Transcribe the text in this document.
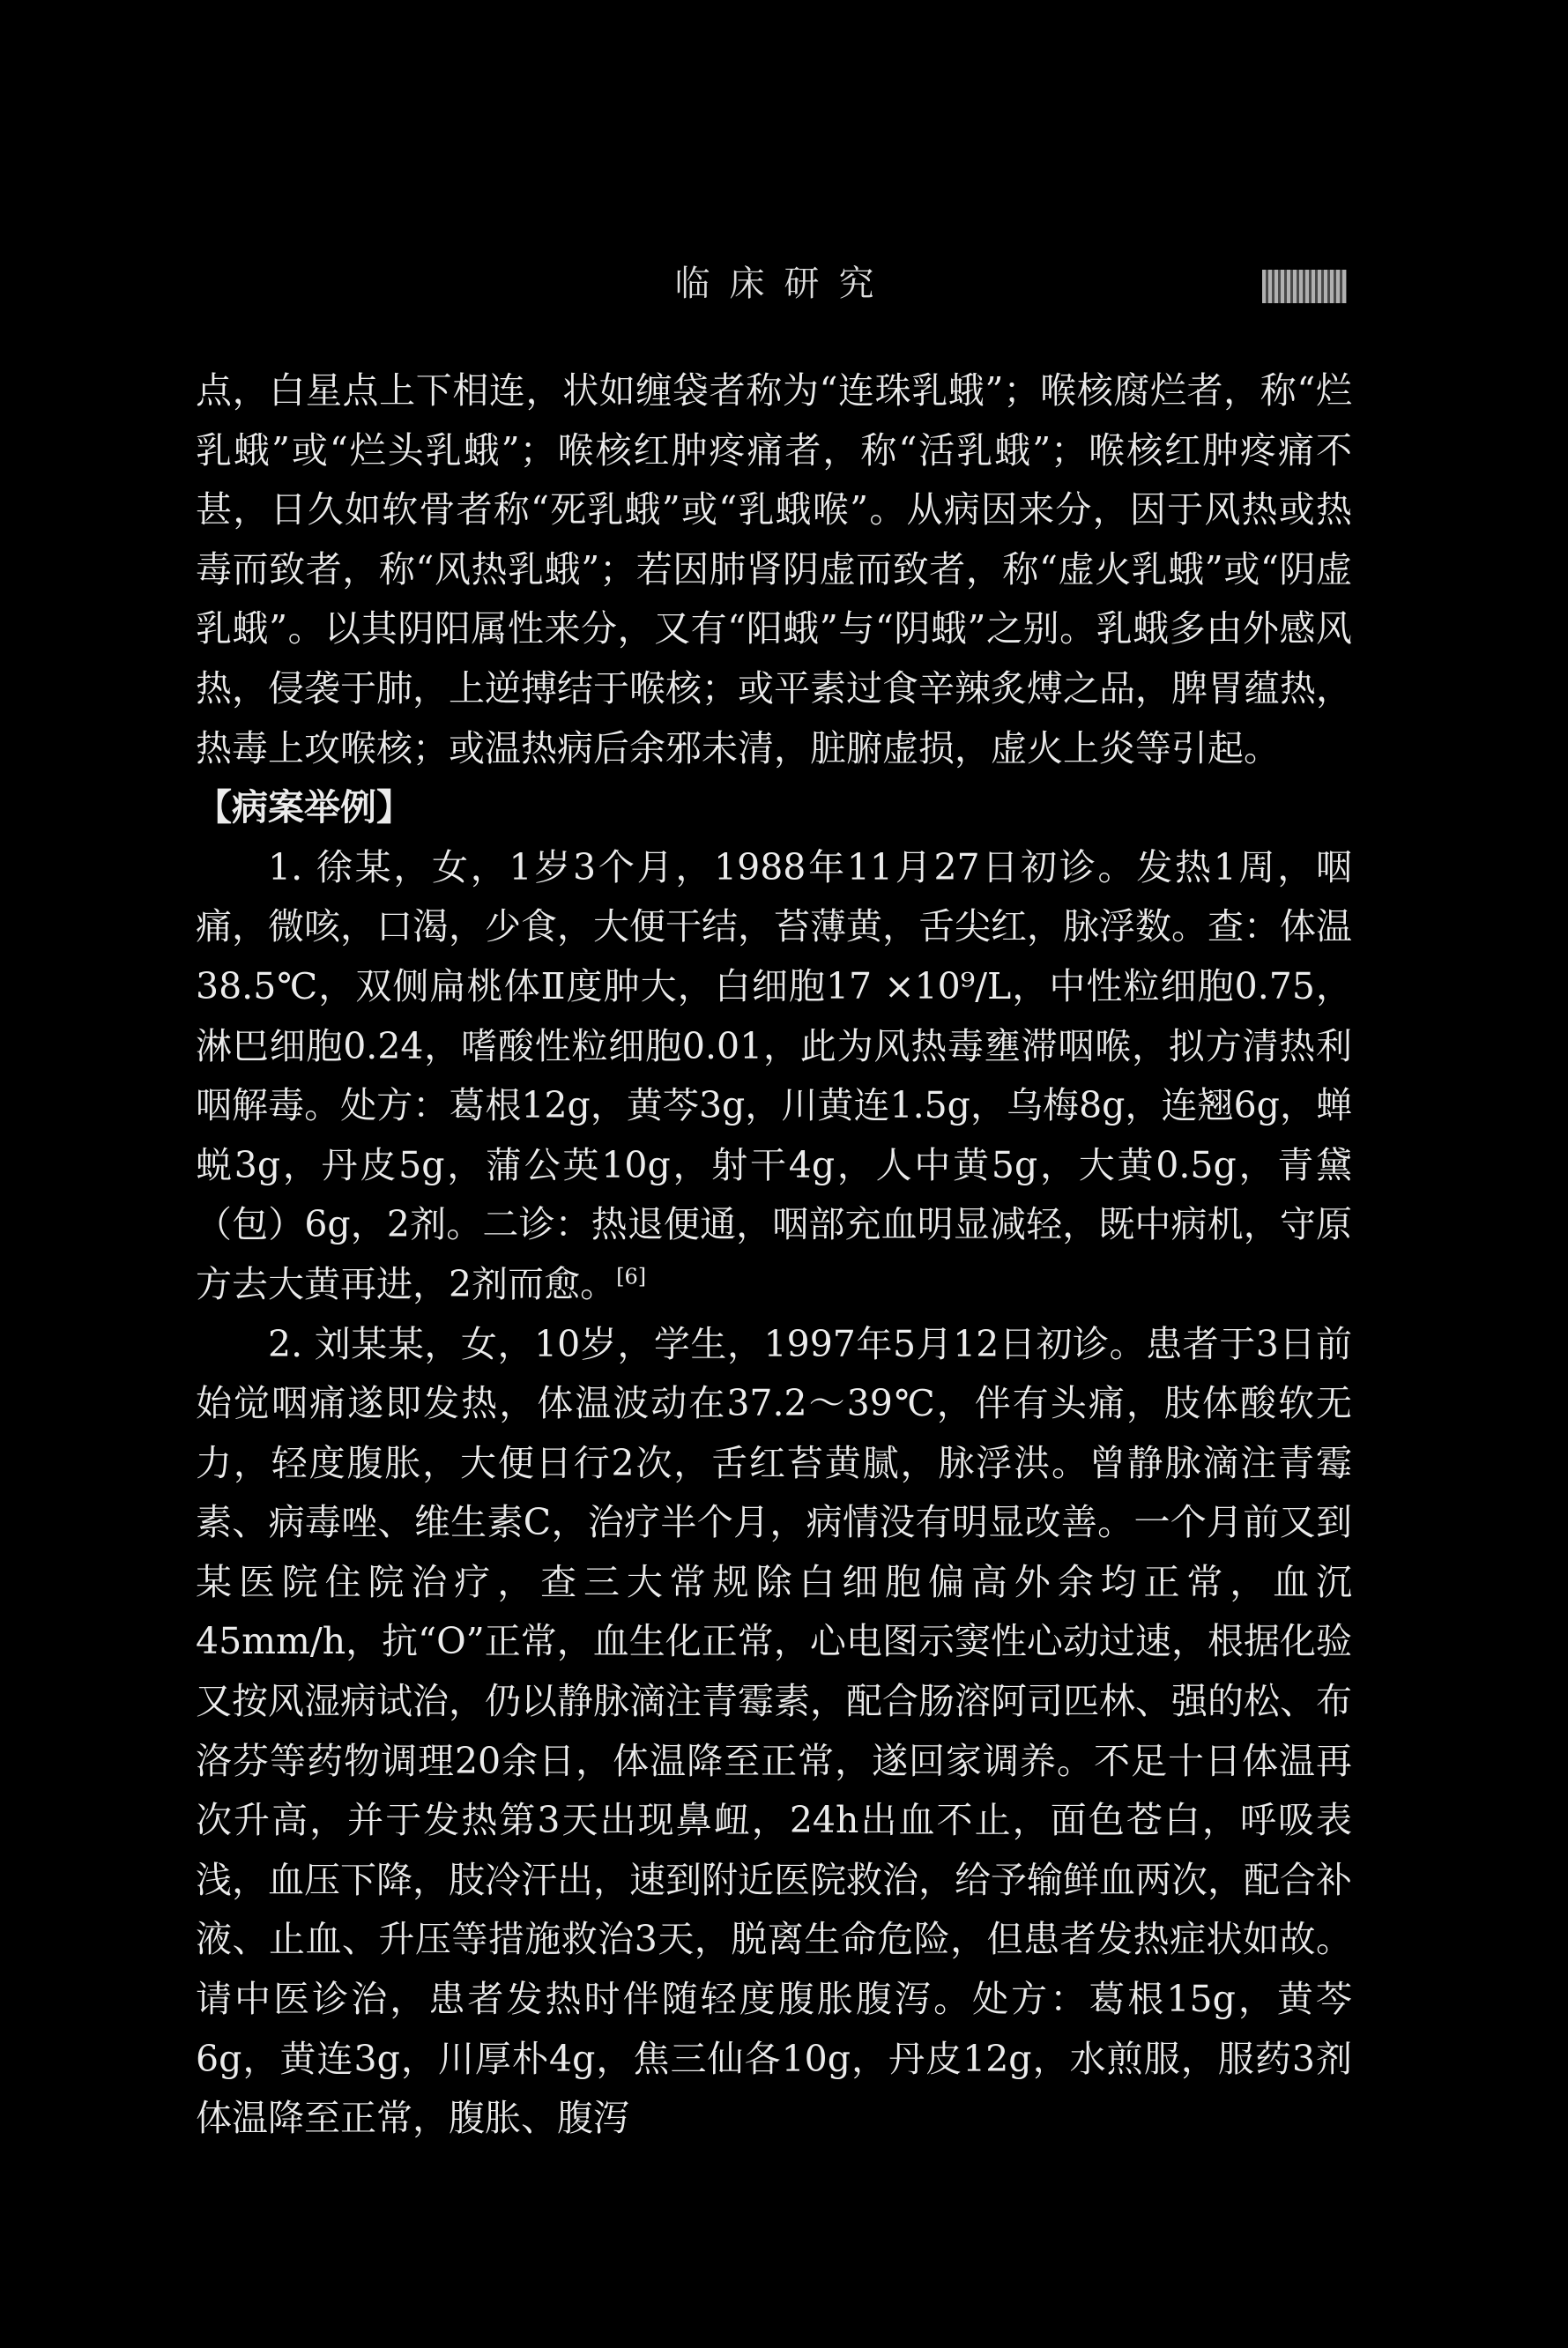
临床研究

点，白星点上下相连，状如缠袋者称为“连珠乳蛾”；喉核腐烂者，称“烂乳蛾”或“烂头乳蛾”；喉核红肿疼痛者，称“活乳蛾”；喉核红肿疼痛不甚，日久如软骨者称“死乳蛾”或“乳蛾喉”。从病因来分，因于风热或热毒而致者，称“风热乳蛾”；若因肺肾阴虚而致者，称“虚火乳蛾”或“阴虚乳蛾”。以其阴阳属性来分，又有“阳蛾”与“阴蛾”之别。乳蛾多由外感风热，侵袭于肺，上逆搏结于喉核；或平素过食辛辣炙煿之品，脾胃蕴热，热毒上攻喉核；或温热病后余邪未清，脏腑虚损，虚火上炎等引起。

【病案举例】

1. 徐某，女，1岁3个月，1988年11月27日初诊。发热1周，咽痛，微咳，口渴，少食，大便干结，苔薄黄，舌尖红，脉浮数。查：体温38.5℃，双侧扁桃体Ⅱ度肿大，白细胞17 ×10⁹/L，中性粒细胞0.75，淋巴细胞0.24，嗜酸性粒细胞0.01，此为风热毒壅滞咽喉，拟方清热利咽解毒。处方：葛根12g，黄芩3g，川黄连1.5g，乌梅8g，连翘6g，蝉蜕3g，丹皮5g，蒲公英10g，射干4g，人中黄5g，大黄0.5g，青黛（包）6g，2剂。二诊：热退便通，咽部充血明显减轻，既中病机，守原方去大黄再进，2剂而愈。[6]

2. 刘某某，女，10岁，学生，1997年5月12日初诊。患者于3日前始觉咽痛遂即发热，体温波动在37.2～39℃，伴有头痛，肢体酸软无力，轻度腹胀，大便日行2次，舌红苔黄腻，脉浮洪。曾静脉滴注青霉素、病毒唑、维生素C，治疗半个月，病情没有明显改善。一个月前又到某医院住院治疗，查三大常规除白细胞偏高外余均正常，血沉45mm/h，抗“O”正常，血生化正常，心电图示窦性心动过速，根据化验又按风湿病试治，仍以静脉滴注青霉素，配合肠溶阿司匹林、强的松、布洛芬等药物调理20余日，体温降至正常，遂回家调养。不足十日体温再次升高，并于发热第3天出现鼻衄，24h出血不止，面色苍白，呼吸表浅，血压下降，肢冷汗出，速到附近医院救治，给予输鲜血两次，配合补液、止血、升压等措施救治3天，脱离生命危险，但患者发热症状如故。请中医诊治，患者发热时伴随轻度腹胀腹泻。处方：葛根15g，黄芩6g，黄连3g，川厚朴4g，焦三仙各10g，丹皮12g，水煎服，服药3剂体温降至正常，腹胀、腹泻
